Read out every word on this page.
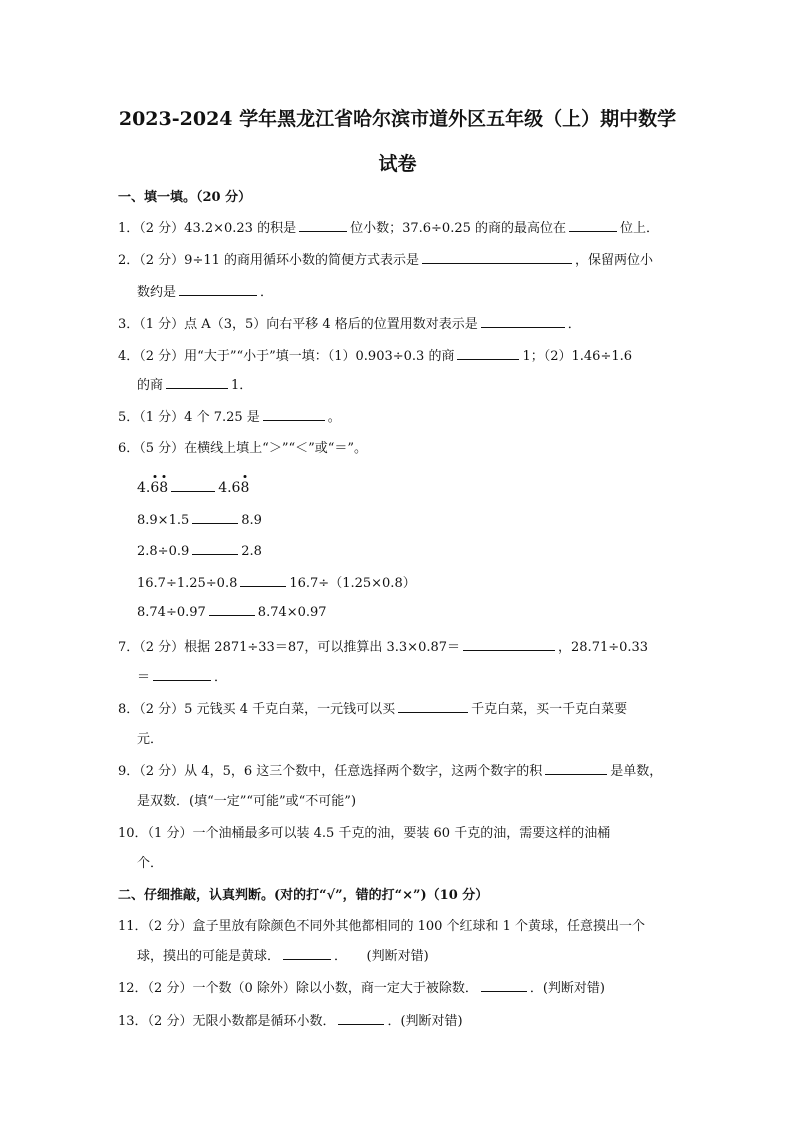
2023-2024 学年黑龙江省哈尔滨市道外区五年级（上）期中数学
试卷
一、填一填。（20 分）
1．（2 分）43.2×0.23 的积是	位小数；37.6÷0.25 的商的最高位在	位上．
2．（2 分）9÷11 的商用循环小数的简便方式表示是	，保留两位小
数约是	．
3．（1 分）点 A（3，5）向右平移 4 格后的位置用数对表示是	．
4．（2 分）用“大于”“小于”填一填：（1）0.903÷0.3 的商	1；（2）1.46÷1.6
的商	1．
5．（1 分）4 个 7.25 是	。
6．（5 分）在横线上填上“＞”“＜”或“＝”。
4.68	4.68
8.9×1.5	8.9
2.8÷0.9	2.8
16.7÷1.25÷0.8	16.7÷（1.25×0.8）
8.74÷0.97	8.74×0.97
7．（2 分）根据 2871÷33＝87，可以推算出 3.3×0.87＝	，28.71÷0.33
＝	．
8．（2 分）5 元钱买 4 千克白菜，一元钱可以买	千克白菜，买一千克白菜要
元．
9．（2 分）从 4，5，6 这三个数中，任意选择两个数字，这两个数字的积	是单数，
是双数．(填“一定”“可能”或“不可能”)
10．（1 分）一个油桶最多可以装 4.5 千克的油，要装 60 千克的油，需要这样的油桶
个．
二、仔细推敲，认真判断。(对的打“√”，错的打“×”)（10 分）
11．（2 分）盒子里放有除颜色不同外其他都相同的 100 个红球和 1 个黄球，任意摸出一个
球，摸出的可能是黄球．	．　　(判断对错)
12．（2 分）一个数（0 除外）除以小数，商一定大于被除数．	．(判断对错)
13．（2 分）无限小数都是循环小数．	．(判断对错)
